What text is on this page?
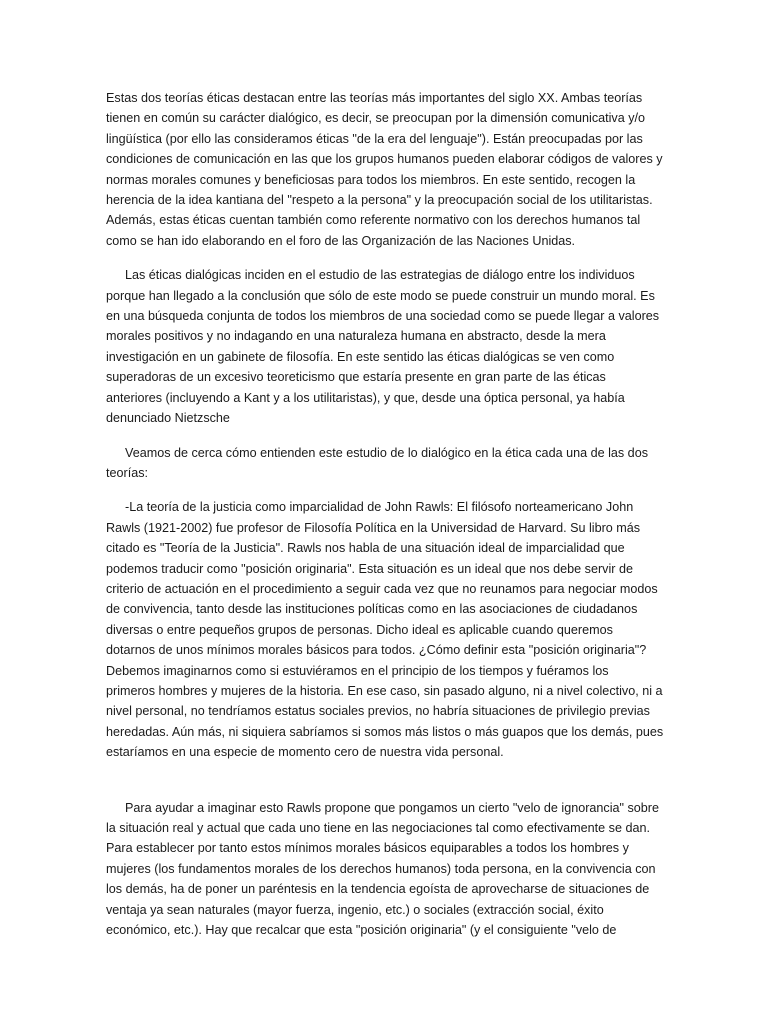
Estas dos teorías éticas destacan entre las teorías más importantes del siglo XX. Ambas teorías
tienen en común su carácter dialógico, es decir, se preocupan por la dimensión comunicativa y/o
lingüística (por ello las consideramos éticas "de la era del lenguaje"). Están preocupadas por las
condiciones de comunicación en las que los grupos humanos pueden elaborar códigos de valores y
normas morales comunes y beneficiosas para todos los miembros. En este sentido, recogen la
herencia de la idea kantiana del "respeto a la persona" y la preocupación social de los utilitaristas.
Además, estas éticas cuentan también como referente normativo con los derechos humanos tal
como se han ido elaborando en el foro de las Organización de las Naciones Unidas.
Las éticas dialógicas inciden en el estudio de las estrategias de diálogo entre los individuos
porque han llegado a la conclusión que sólo de este modo se puede construir un mundo moral. Es
en una búsqueda conjunta de todos los miembros de una sociedad como se puede llegar a valores
morales positivos y no indagando en una naturaleza humana en abstracto, desde la mera
investigación en un gabinete de filosofía. En este sentido las éticas dialógicas se ven como
superadoras de un excesivo teoreticismo que estaría presente en gran parte de las éticas
anteriores (incluyendo a Kant y a los utilitaristas), y que, desde una óptica personal, ya había
denunciado Nietzsche
Veamos de cerca cómo entienden este estudio de lo dialógico en la ética cada una de las dos
teorías:
-La teoría de la justicia como imparcialidad de John Rawls: El filósofo norteamericano John
Rawls (1921-2002) fue profesor de Filosofía Política en la Universidad de Harvard. Su libro más
citado es "Teoría de la Justicia". Rawls nos habla de una situación ideal de imparcialidad que
podemos traducir como "posición originaria". Esta situación es un ideal que nos debe servir de
criterio de actuación en el procedimiento a seguir cada vez que no reunamos para negociar modos
de convivencia, tanto desde las instituciones políticas como en las asociaciones de ciudadanos
diversas o entre pequeños grupos de personas. Dicho ideal es aplicable cuando queremos
dotarnos de unos mínimos morales básicos para todos. ¿Cómo definir esta "posición originaria"?
Debemos imaginarnos como si estuviéramos en el principio de los tiempos y fuéramos los
primeros hombres y mujeres de la historia. En ese caso, sin pasado alguno, ni a nivel colectivo, ni a
nivel personal, no tendríamos estatus sociales previos, no habría situaciones de privilegio previas
heredadas. Aún más, ni siquiera sabríamos si somos más listos o más guapos que los demás, pues
estaríamos en una especie de momento cero de nuestra vida personal.
Para ayudar a imaginar esto Rawls propone que pongamos un cierto "velo de ignorancia" sobre
la situación real y actual que cada uno tiene en las negociaciones tal como efectivamente se dan.
Para establecer por tanto estos mínimos morales básicos equiparables a todos los hombres y
mujeres (los fundamentos morales de los derechos humanos) toda persona, en la convivencia con
los demás, ha de poner un paréntesis en la tendencia egoísta de aprovecharse de situaciones de
ventaja ya sean naturales (mayor fuerza, ingenio, etc.) o sociales (extracción social, éxito
económico, etc.). Hay que recalcar que esta "posición originaria" (y el consiguiente "velo de
